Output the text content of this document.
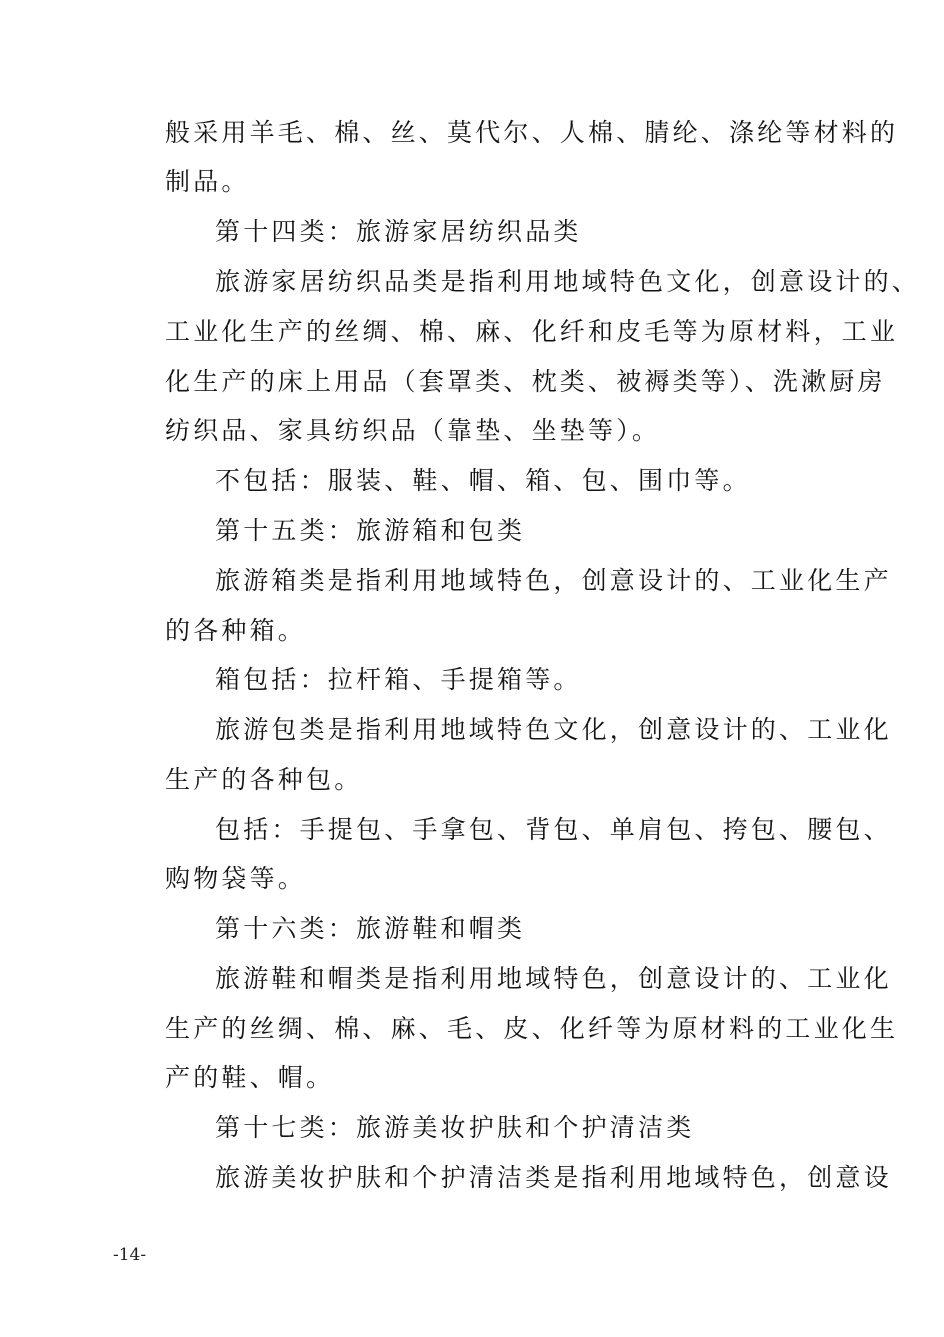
般采用羊毛、棉、丝、莫代尔、人棉、腈纶、涤纶等材料的
制品。
第十四类：旅游家居纺织品类
旅游家居纺织品类是指利用地域特色文化，创意设计的、
工业化生产的丝绸、棉、麻、化纤和皮毛等为原材料，工业
化生产的床上用品（套罩类、枕类、被褥类等）、洗漱厨房
纺织品、家具纺织品（靠垫、坐垫等）。
不包括：服装、鞋、帽、箱、包、围巾等。
第十五类：旅游箱和包类
旅游箱类是指利用地域特色，创意设计的、工业化生产
的各种箱。
箱包括：拉杆箱、手提箱等。
旅游包类是指利用地域特色文化，创意设计的、工业化
生产的各种包。
包括：手提包、手拿包、背包、单肩包、挎包、腰包、
购物袋等。
第十六类：旅游鞋和帽类
旅游鞋和帽类是指利用地域特色，创意设计的、工业化
生产的丝绸、棉、麻、毛、皮、化纤等为原材料的工业化生
产的鞋、帽。
第十七类：旅游美妆护肤和个护清洁类
旅游美妆护肤和个护清洁类是指利用地域特色，创意设
-14-
